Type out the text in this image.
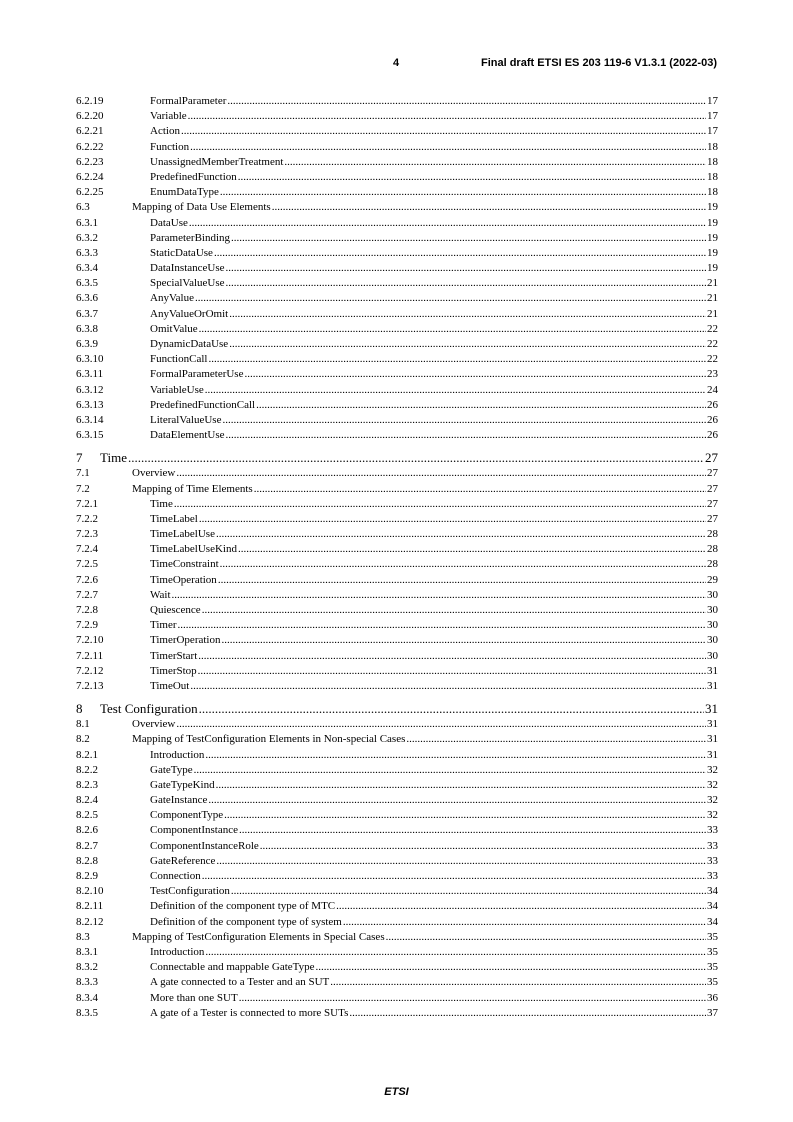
4	Final draft ETSI ES 203 119-6 V1.3.1 (2022-03)
6.2.19	FormalParameter .....	17
6.2.20	Variable .....	17
6.2.21	Action .....	17
6.2.22	Function .....	18
6.2.23	UnassignedMemberTreatment .....	18
6.2.24	PredefinedFunction .....	18
6.2.25	EnumDataType .....	18
6.3	Mapping of Data Use Elements .....	19
6.3.1	DataUse .....	19
6.3.2	ParameterBinding .....	19
6.3.3	StaticDataUse .....	19
6.3.4	DataInstanceUse .....	19
6.3.5	SpecialValueUse .....	21
6.3.6	AnyValue .....	21
6.3.7	AnyValueOrOmit .....	21
6.3.8	OmitValue .....	22
6.3.9	DynamicDataUse .....	22
6.3.10	FunctionCall .....	22
6.3.11	FormalParameterUse .....	23
6.3.12	VariableUse .....	24
6.3.13	PredefinedFunctionCall .....	26
6.3.14	LiteralValueUse .....	26
6.3.15	DataElementUse .....	26
7	Time .....	27
7.1	Overview .....	27
7.2	Mapping of Time Elements .....	27
7.2.1	Time .....	27
7.2.2	TimeLabel .....	27
7.2.3	TimeLabelUse .....	28
7.2.4	TimeLabelUseKind .....	28
7.2.5	TimeConstraint .....	28
7.2.6	TimeOperation .....	29
7.2.7	Wait .....	30
7.2.8	Quiescence .....	30
7.2.9	Timer .....	30
7.2.10	TimerOperation .....	30
7.2.11	TimerStart .....	30
7.2.12	TimerStop .....	31
7.2.13	TimeOut .....	31
8	Test Configuration .....	31
8.1	Overview .....	31
8.2	Mapping of TestConfiguration Elements in Non-special Cases .....	31
8.2.1	Introduction .....	31
8.2.2	GateType .....	32
8.2.3	GateTypeKind .....	32
8.2.4	GateInstance .....	32
8.2.5	ComponentType .....	32
8.2.6	ComponentInstance .....	33
8.2.7	ComponentInstanceRole .....	33
8.2.8	GateReference .....	33
8.2.9	Connection .....	33
8.2.10	TestConfiguration .....	34
8.2.11	Definition of the component type of MTC .....	34
8.2.12	Definition of the component type of system .....	34
8.3	Mapping of TestConfiguration Elements in Special Cases .....	35
8.3.1	Introduction .....	35
8.3.2	Connectable and mappable GateType .....	35
8.3.3	A gate connected to a Tester and an SUT .....	35
8.3.4	More than one SUT .....	36
8.3.5	A gate of a Tester is connected to more SUTs .....	37
ETSI
